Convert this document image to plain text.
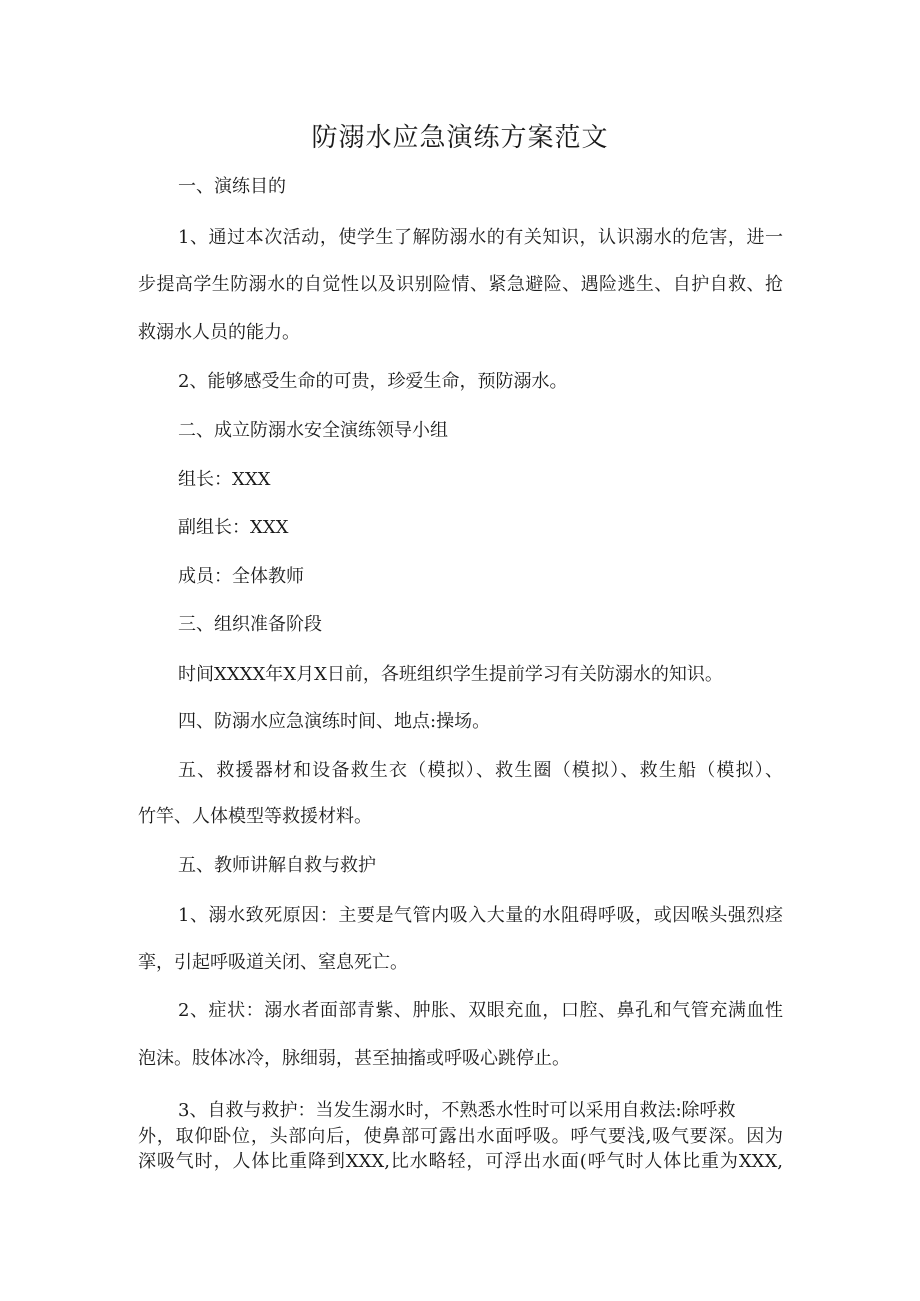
防溺水应急演练方案范文

一、演练目的

1、通过本次活动，使学生了解防溺水的有关知识，认识溺水的危害，进一

步提高学生防溺水的自觉性以及识别险情、紧急避险、遇险逃生、自护自救、抢

救溺水人员的能力。

2、能够感受生命的可贵，珍爱生命，预防溺水。

二、成立防溺水安全演练领导小组

组长：XXX

副组长：XXX

成员：全体教师

三、组织准备阶段

时间XXXX年X月X日前，各班组织学生提前学习有关防溺水的知识。

四、防溺水应急演练时间、地点:操场。

五、救援器材和设备救生衣（模拟）、救生圈（模拟）、救生船（模拟）、

竹竿、人体模型等救援材料。

五、教师讲解自救与救护

1、溺水致死原因：主要是气管内吸入大量的水阻碍呼吸，或因喉头强烈痉

挛，引起呼吸道关闭、窒息死亡。

2、症状：溺水者面部青紫、肿胀、双眼充血，口腔、鼻孔和气管充满血性

泡沫。肢体冰冷，脉细弱，甚至抽搐或呼吸心跳停止。

3、自救与救护：当发生溺水时，不熟悉水性时可以采用自救法:除呼救

外，取仰卧位，头部向后，使鼻部可露出水面呼吸。呼气要浅,吸气要深。因为

深吸气时，人体比重降到XXX,比水略轻，可浮出水面(呼气时人体比重为XXX,
